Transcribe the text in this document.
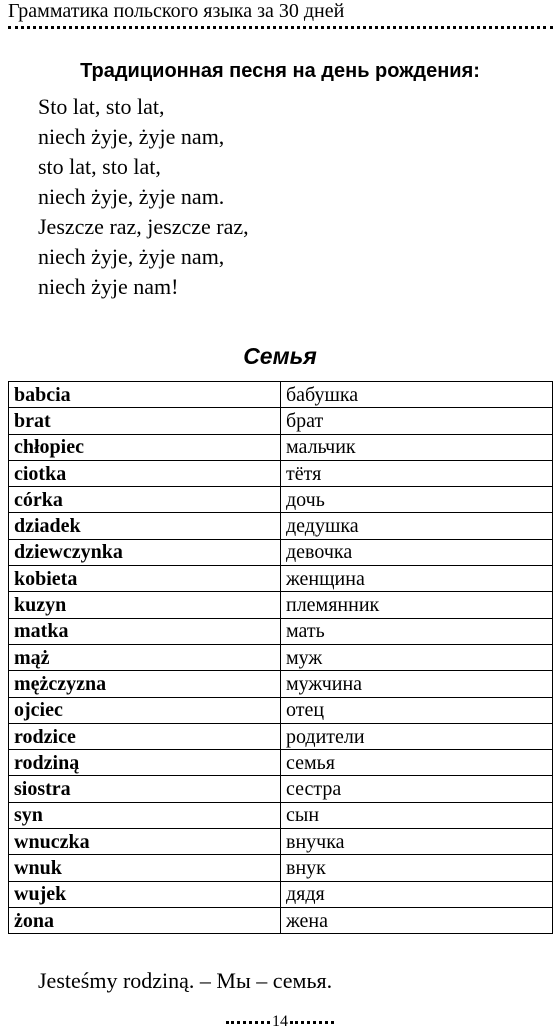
Грамматика польского языка за 30 дней
Традиционная песня на день рождения:
Sto lat, sto lat,
niech żyje, żyje nam,
sto lat, sto lat,
niech żyje, żyje nam.
Jeszcze raz, jeszcze raz,
niech żyje, żyje nam,
niech żyje nam!
Семья
babcia	бабушка
brat	брат
chłopiec	мальчик
ciotka	тётя
córka	дочь
dziadek	дедушка
dziewczynka	девочка
kobieta	женщина
kuzyn	племянник
matka	мать
mąż	муж
mężczyzna	мужчина
ojciec	отец
rodzice	родители
rodziną	семья
siostra	сестра
syn	сын
wnuczka	внучка
wnuk	внук
wujek	дядя
żona	жена
Jesteśmy rodziną. – Мы – семья.
14
